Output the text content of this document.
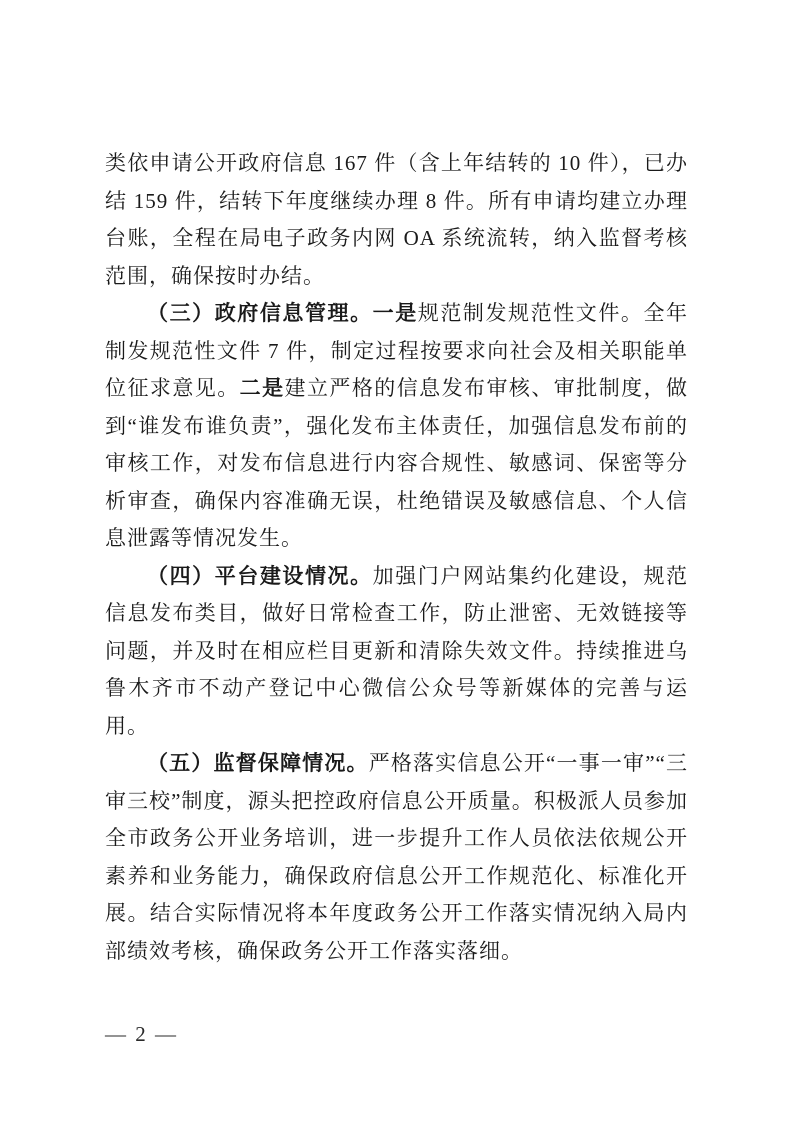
类依申请公开政府信息 167 件（含上年结转的 10 件），已办结 159 件，结转下年度继续办理 8 件。所有申请均建立办理台账，全程在局电子政务内网 OA 系统流转，纳入监督考核范围，确保按时办结。

（三）政府信息管理。一是规范制发规范性文件。全年制发规范性文件 7 件，制定过程按要求向社会及相关职能单位征求意见。二是建立严格的信息发布审核、审批制度，做到“谁发布谁负责”，强化发布主体责任，加强信息发布前的审核工作，对发布信息进行内容合规性、敏感词、保密等分析审查，确保内容准确无误，杜绝错误及敏感信息、个人信息泄露等情况发生。

（四）平台建设情况。加强门户网站集约化建设，规范信息发布类目，做好日常检查工作，防止泄密、无效链接等问题，并及时在相应栏目更新和清除失效文件。持续推进乌鲁木齐市不动产登记中心微信公众号等新媒体的完善与运用。

（五）监督保障情况。严格落实信息公开“一事一审”“三审三校”制度，源头把控政府信息公开质量。积极派人员参加全市政务公开业务培训，进一步提升工作人员依法依规公开素养和业务能力，确保政府信息公开工作规范化、标准化开展。结合实际情况将本年度政务公开工作落实情况纳入局内部绩效考核，确保政务公开工作落实落细。

— 2 —
